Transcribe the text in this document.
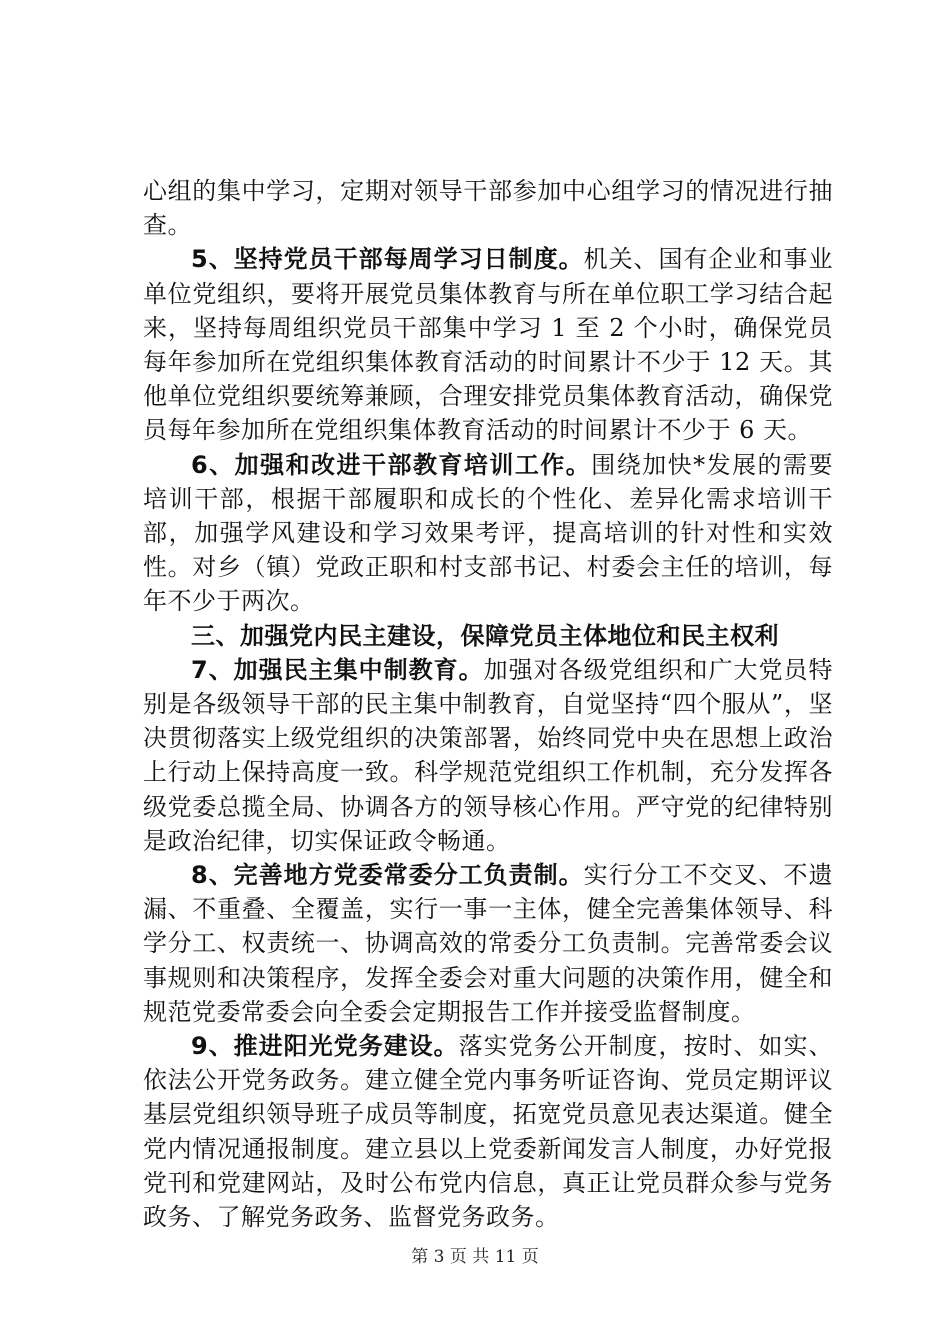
心组的集中学习，定期对领导干部参加中心组学习的情况进行抽查。

5、坚持党员干部每周学习日制度。机关、国有企业和事业单位党组织，要将开展党员集体教育与所在单位职工学习结合起来，坚持每周组织党员干部集中学习 1 至 2 个小时，确保党员每年参加所在党组织集体教育活动的时间累计不少于 12 天。其他单位党组织要统筹兼顾，合理安排党员集体教育活动，确保党员每年参加所在党组织集体教育活动的时间累计不少于 6 天。

6、加强和改进干部教育培训工作。围绕加快*发展的需要培训干部，根据干部履职和成长的个性化、差异化需求培训干部，加强学风建设和学习效果考评，提高培训的针对性和实效性。对乡（镇）党政正职和村支部书记、村委会主任的培训，每年不少于两次。

三、加强党内民主建设，保障党员主体地位和民主权利

7、加强民主集中制教育。加强对各级党组织和广大党员特别是各级领导干部的民主集中制教育，自觉坚持“四个服从”，坚决贯彻落实上级党组织的决策部署，始终同党中央在思想上政治上行动上保持高度一致。科学规范党组织工作机制，充分发挥各级党委总揽全局、协调各方的领导核心作用。严守党的纪律特别是政治纪律，切实保证政令畅通。

8、完善地方党委常委分工负责制。实行分工不交叉、不遗漏、不重叠、全覆盖，实行一事一主体，健全完善集体领导、科学分工、权责统一、协调高效的常委分工负责制。完善常委会议事规则和决策程序，发挥全委会对重大问题的决策作用，健全和规范党委常委会向全委会定期报告工作并接受监督制度。

9、推进阳光党务建设。落实党务公开制度，按时、如实、依法公开党务政务。建立健全党内事务听证咨询、党员定期评议基层党组织领导班子成员等制度，拓宽党员意见表达渠道。健全党内情况通报制度。建立县以上党委新闻发言人制度，办好党报党刊和党建网站，及时公布党内信息，真正让党员群众参与党务政务、了解党务政务、监督党务政务。

第 3 页 共 11 页
